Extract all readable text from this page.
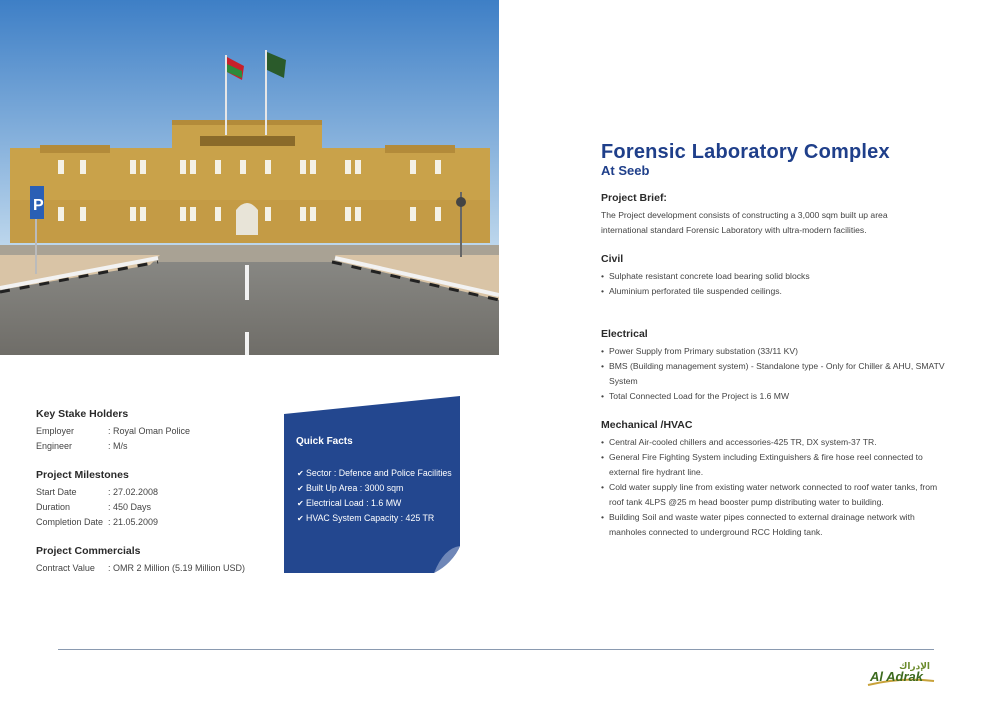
P
Forensic Laboratory Complex
At Seeb
Project Brief:

The Project development consists of constructing a 3,000 sqm built up area
international standard Forensic Laboratory with ultra-modern facilities.

Civil
• Sulphate resistant concrete load bearing solid blocks
• Aluminium perforated tile suspended ceilings.
Electrical
• Power Supply from Primary substation (33/11 KV)
• BMS (Building management system) - Standalone type - Only for Chiller & AHU, SMATV System
• Total Connected Load for the Project is 1.6 MW
Mechanical /HVAC
• Central Air-cooled chillers and accessories-425 TR, DX system-37 TR.
• General Fire Fighting System including Extinguishers & fire hose reel connected to external fire hydrant line.
• Cold water supply line from existing water network connected to roof water tanks, from roof tank 4LPS @25 m head booster pump distributing water to building.
• Building Soil and waste water pipes connected to external drainage network with manholes connected to underground RCC Holding tank.
Key Stake Holders
Employer	: Royal Oman Police
Engineer	: M/s
Project Milestones
Start Date	: 27.02.2008
Duration	: 450 Days
Completion Date : 21.05.2009
Project Commercials
Contract Value	: OMR 2 Million (5.19 Million USD)
Quick Facts
✔ Sector : Defence and Police Facilities
✔ Built Up Area : 3000 sqm
✔ Electrical Load : 1.6 MW
✔ HVAC System Capacity : 425 TR
الإدراك
Al Adrak
